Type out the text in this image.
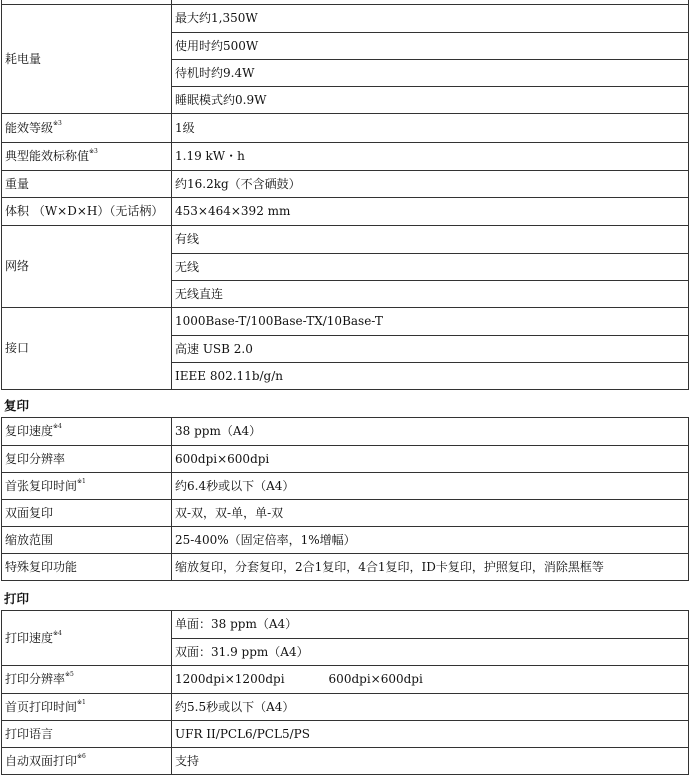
耗电量	最大约1,350W
	使用时约500W
	待机时约9.4W
	睡眠模式约0.9W
能效等级$^{※3}$	1级
典型能效标称值$^{※3}$	1.19 kW・h
重量	约16.2kg（不含硒鼓）
体积 （W×D×H）（无话柄）	453×464×392 mm
网络	有线
	无线
	无线直连
接口	1000Base-T/100Base-TX/10Base-T
	高速 USB 2.0
	IEEE 802.11b/g/n
复印
复印速度$^{※4}$	38 ppm（A4）
复印分辨率	600dpi×600dpi
首张复印时间$^{※1}$	约6.4秒或以下（A4）
双面复印	双-双，双-单，单-双
缩放范围	25-400%（固定倍率，1%增幅）
特殊复印功能	缩放复印，分套复印，2合1复印，4合1复印，ID卡复印，护照复印，消除黑框等
打印
打印速度$^{※4}$	单面：38 ppm（A4）
	双面：31.9 ppm（A4）
打印分辨率$^{※5}$	1200dpi×1200dpi 600dpi×600dpi
首页打印时间$^{※1}$	约5.5秒或以下（A4）
打印语言	UFR II/PCL6/PCL5/PS
自动双面打印$^{※6}$	支持
